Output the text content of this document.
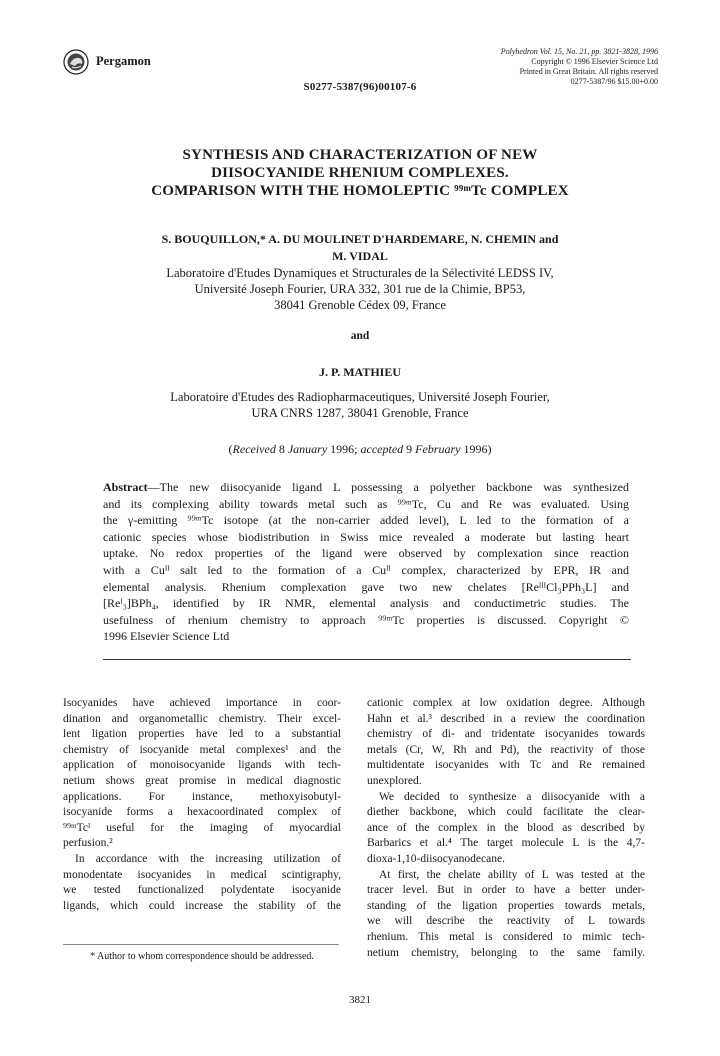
Pergamon
Polyhedron Vol. 15, No. 21, pp. 3821-3828, 1996
Copyright © 1996 Elsevier Science Ltd
Printed in Great Britain. All rights reserved
0277-5387/96 $15.00+0.00
S0277-5387(96)00107-6
SYNTHESIS AND CHARACTERIZATION OF NEW
DIISOCYANIDE RHENIUM COMPLEXES.
COMPARISON WITH THE HOMOLEPTIC ⁹⁹ᵐTc COMPLEX
S. BOUQUILLON,* A. DU MOULINET D'HARDEMARE, N. CHEMIN and
M. VIDAL
Laboratoire d'Etudes Dynamiques et Structurales de la Sélectivité LEDSS IV,
Université Joseph Fourier, URA 332, 301 rue de la Chimie, BP53,
38041 Grenoble Cédex 09, France
and
J. P. MATHIEU
Laboratoire d'Etudes des Radiopharmaceutiques, Université Joseph Fourier,
URA CNRS 1287, 38041 Grenoble, France
(Received 8 January 1996; accepted 9 February 1996)
Abstract—The new diisocyanide ligand L possessing a polyether backbone was synthesized
and its complexing ability towards metal such as ⁹⁹ᵐTc, Cu and Re was evaluated. Using
the γ-emitting ⁹⁹ᵐTc isotope (at the non-carrier added level), L led to the formation of a
cationic species whose biodistribution in Swiss mice revealed a moderate but lasting heart
uptake. No redox properties of the ligand were observed by complexation since reaction
with a Cuᴵᴵ salt led to the formation of a Cuᴵᴵ complex, characterized by EPR, IR and
elemental analysis. Rhenium complexation gave two new chelates [ReᴵᴵᴵCl₃PPh₃L] and
[Reᴵ₃]BPh₄, identified by IR NMR, elemental analysis and conductimetric studies. The
usefulness of rhenium chemistry to approach ⁹⁹ᵐTc properties is discussed. Copyright ©
1996 Elsevier Science Ltd
Isocyanides have achieved importance in coor-
dination and organometallic chemistry. Their excel-
lent ligation properties have led to a substantial
chemistry of isocyanide metal complexes¹ and the
application of monoisocyanide ligands with tech-
netium shows great promise in medical diagnostic
applications. For instance, methoxyisobutyl-
isocyanide forms a hexacoordinated complex of
⁹⁹ᵐTcᴵ useful for the imaging of myocardial
perfusion.²
In accordance with the increasing utilization of
monodentate isocyanides in medical scintigraphy,
we tested functionalized polydentate isocyanide
ligands, which could increase the stability of the
* Author to whom correspondence should be addressed.
cationic complex at low oxidation degree. Although
Hahn et al.³ described in a review the coordination
chemistry of di- and tridentate isocyanides towards
metals (Cr, W, Rh and Pd), the reactivity of those
multidentate isocyanides with Tc and Re remained
unexplored.
We decided to synthesize a diisocyanide with a
diether backbone, which could facilitate the clear-
ance of the complex in the blood as described by
Barbarics et al.⁴ The target molecule L is the 4,7-
dioxa-1,10-diisocyanodecane.
At first, the chelate ability of L was tested at the
tracer level. But in order to have a better under-
standing of the ligation properties towards metals,
we will describe the reactivity of L towards
rhenium. This metal is considered to mimic tech-
netium chemistry, belonging to the same family.
3821
